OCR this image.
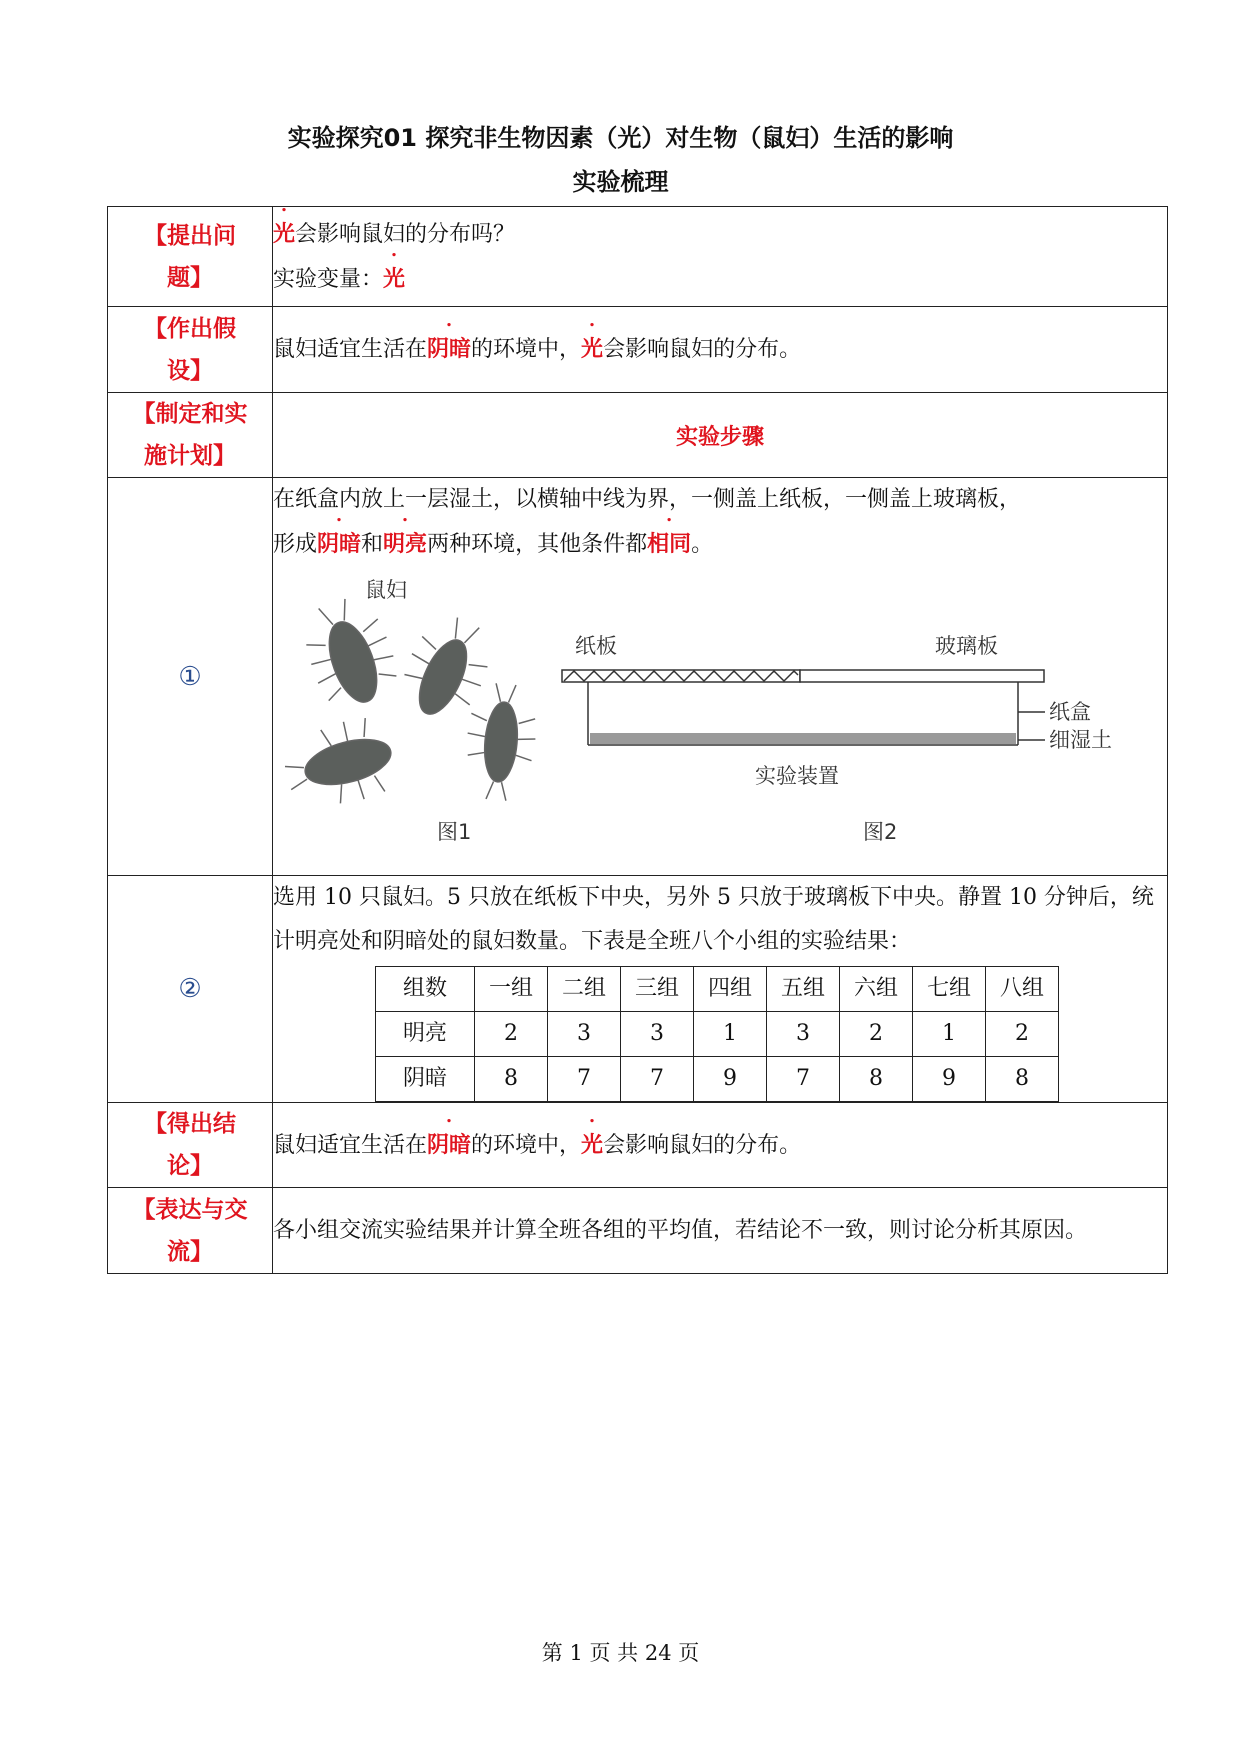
实验探究01 探究非生物因素（光）对生物（鼠妇）生活的影响
实验梳理
【提出问题】	
光会影响鼠妇的分布吗？
实验变量：光

【作出假设】	鼠妇适宜生活在阴暗的环境中，光会影响鼠妇的分布。
【制定和实施计划】	实验步骤
①	
在纸盒内放上一层湿土，以横轴中线为界，一侧盖上纸板，一侧盖上玻璃板，
形成阴暗和明亮两种环境，其他条件都相同。
鼠妇
图1
纸板	玻璃板
纸盒
细湿土
实验装置
图2

②	
选用 10 只鼠妇。5 只放在纸板下中央，另外 5 只放于玻璃板下中央。静置 10 分钟后，统计明亮处和阴暗处的鼠妇数量。下表是全班八个小组的实验结果：
组数	一组	二组	三组	四组	五组	六组	七组	八组
明亮	2	3	3	1	3	2	1	2
阴暗	8	7	7	9	7	8	9	8

【得出结论】	鼠妇适宜生活在阴暗的环境中，光会影响鼠妇的分布。
【表达与交流】	各小组交流实验结果并计算全班各组的平均值，若结论不一致，则讨论分析其原因。
第 1 页 共 24 页
